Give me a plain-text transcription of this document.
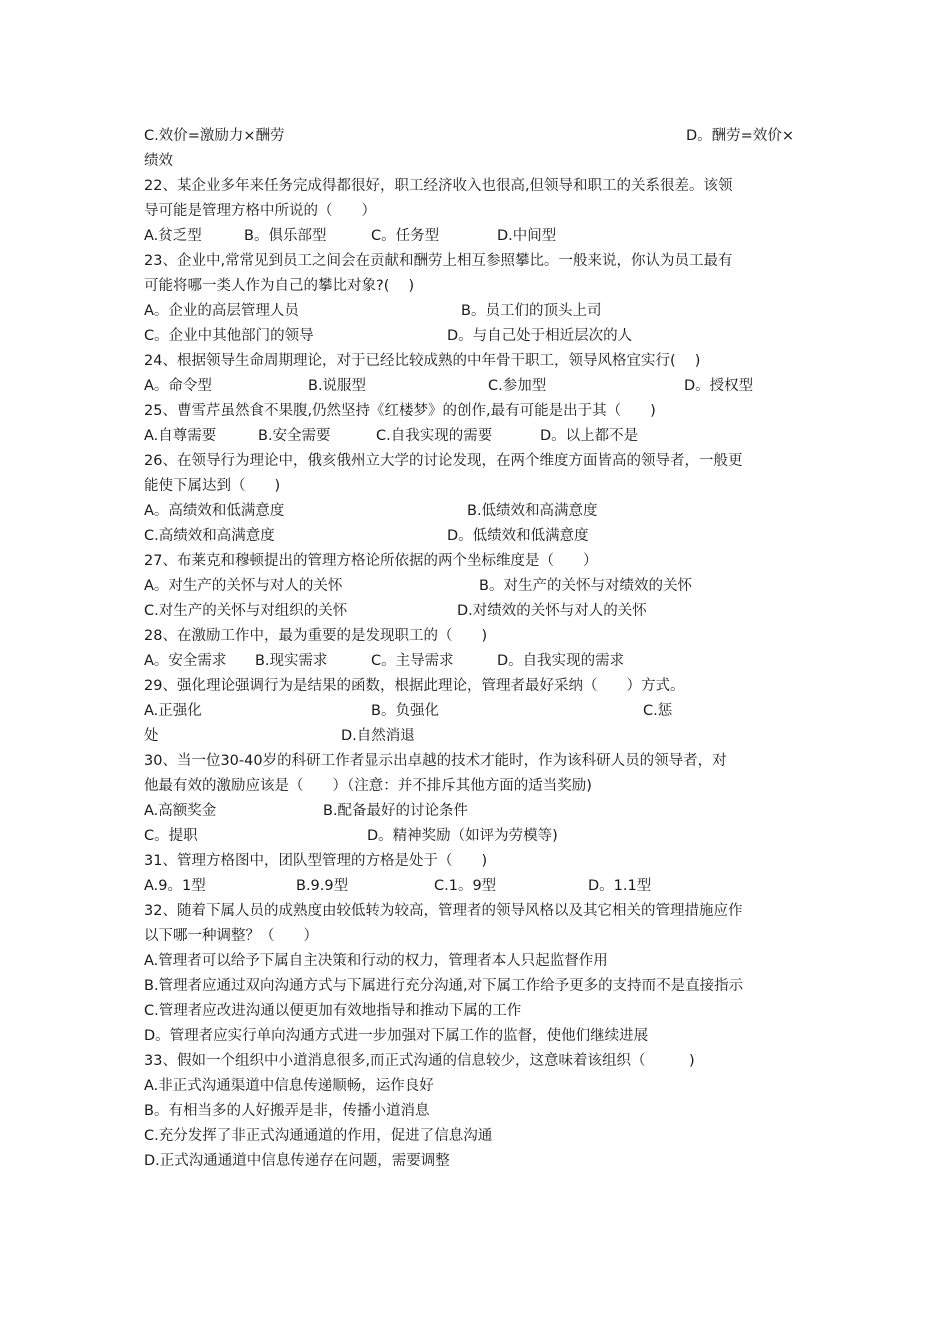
C.效价=激励力×酬劳	D。酬劳=效价×
绩效
22、某企业多年来任务完成得都很好，职工经济收入也很高,但领导和职工的关系很差。该领
导可能是管理方格中所说的（　　）
A.贫乏型	B。俱乐部型	C。任务型	D.中间型
23、企业中,常常见到员工之间会在贡献和酬劳上相互参照攀比。一般来说，你认为员工最有
可能将哪一类人作为自己的攀比对象?(　 )
A。企业的高层管理人员	B。员工们的顶头上司
C。企业中其他部门的领导	D。与自己处于相近层次的人
24、根据领导生命周期理论，对于已经比较成熟的中年骨干职工，领导风格宜实行(　 )
A。命令型	B.说服型	C.参加型	D。授权型
25、曹雪芹虽然食不果腹,仍然坚持《红楼梦》的创作,最有可能是出于其（　　)
A.自尊需要	B.安全需要	C.自我实现的需要	D。以上都不是
26、在领导行为理论中，俄亥俄州立大学的讨论发现，在两个维度方面皆高的领导者，一般更
能使下属达到（　　)
A。高绩效和低满意度	B.低绩效和高满意度
C.高绩效和高满意度	D。低绩效和低满意度
27、布莱克和穆顿提出的管理方格论所依据的两个坐标维度是（　　）
A。对生产的关怀与对人的关怀	B。对生产的关怀与对绩效的关怀
C.对生产的关怀与对组织的关怀	D.对绩效的关怀与对人的关怀
28、在激励工作中，最为重要的是发现职工的（　　)
A。安全需求 B.现实需求	C。主导需求	D。自我实现的需求
29、强化理论强调行为是结果的函数，根据此理论，管理者最好采纳（　　）方式。
A.正强化	B。负强化	C.惩
处	D.自然消退
30、当一位30-40岁的科研工作者显示出卓越的技术才能时，作为该科研人员的领导者，对
他最有效的激励应该是（　　）（注意：并不排斥其他方面的适当奖励)
A.高额奖金	B.配备最好的讨论条件
C。提职	D。精神奖励（如评为劳模等)
31、管理方格图中，团队型管理的方格是处于（　　)
A.9。1型	B.9.9型	C.1。9型	D。1.1型
32、随着下属人员的成熟度由较低转为较高，管理者的领导风格以及其它相关的管理措施应作
以下哪一种调整？（　　）
A.管理者可以给予下属自主决策和行动的权力，管理者本人只起监督作用
B.管理者应通过双向沟通方式与下属进行充分沟通,对下属工作给予更多的支持而不是直接指示
C.管理者应改进沟通以便更加有效地指导和推动下属的工作
D。管理者应实行单向沟通方式进一步加强对下属工作的监督，使他们继续进展
33、假如一个组织中小道消息很多,而正式沟通的信息较少，这意味着该组织（　　　)
A.非正式沟通渠道中信息传递顺畅，运作良好
B。有相当多的人好搬弄是非，传播小道消息
C.充分发挥了非正式沟通通道的作用，促进了信息沟通
D.正式沟通通道中信息传递存在问题，需要调整
